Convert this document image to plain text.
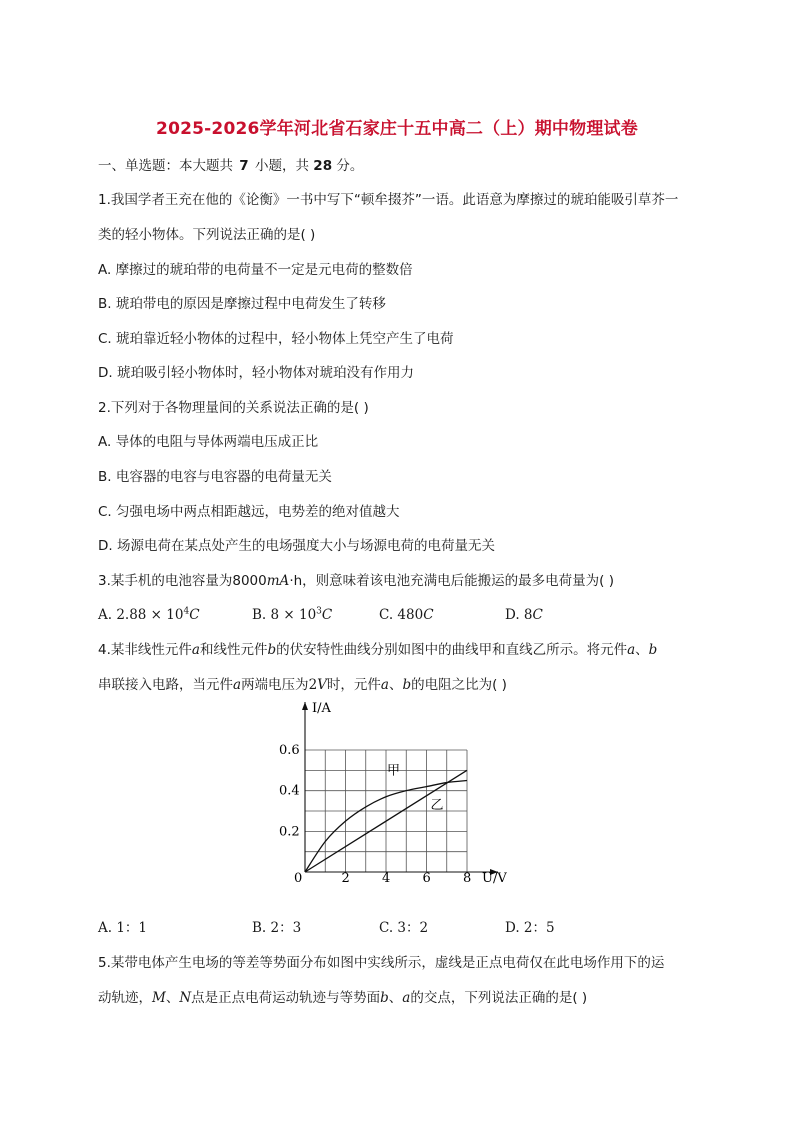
2025-2026学年河北省石家庄十五中高二（上）期中物理试卷
一、单选题：本大题共 7 小题，共 28 分。
1.我国学者王充在他的《论衡》一书中写下“顿牟掇芥”一语。此语意为摩擦过的琥珀能吸引草芥一
类的轻小物体。下列说法正确的是( )
A. 摩擦过的琥珀带的电荷量不一定是元电荷的整数倍
B. 琥珀带电的原因是摩擦过程中电荷发生了转移
C. 琥珀靠近轻小物体的过程中，轻小物体上凭空产生了电荷
D. 琥珀吸引轻小物体时，轻小物体对琥珀没有作用力
2.下列对于各物理量间的关系说法正确的是( )
A. 导体的电阻与导体两端电压成正比
B. 电容器的电容与电容器的电荷量无关
C. 匀强电场中两点相距越远，电势差的绝对值越大
D. 场源电荷在某点处产生的电场强度大小与场源电荷的电荷量无关
3.某手机的电池容量为8000mA·h，则意味着该电池充满电后能搬运的最多电荷量为( )
A. $2.88 \times 10^4C$	B. $8 \times 10^3C$	C. 480C	D. 8C
4.某非线性元件a和线性元件b的伏安特性曲线分别如图中的曲线甲和直线乙所示。将元件a、b
串联接入电路，当元件a两端电压为2V时，元件a、b的电阻之比为( )
0	2 4 6 8
0.2
0.4
0.6
甲
乙
I/A
U/V
A. 1：1	B. 2：3	C. 3：2	D. 2：5
5.某带电体产生电场的等差等势面分布如图中实线所示，虚线是正点电荷仅在此电场作用下的运
动轨迹，M、N点是正点电荷运动轨迹与等势面b、a的交点，下列说法正确的是( )
